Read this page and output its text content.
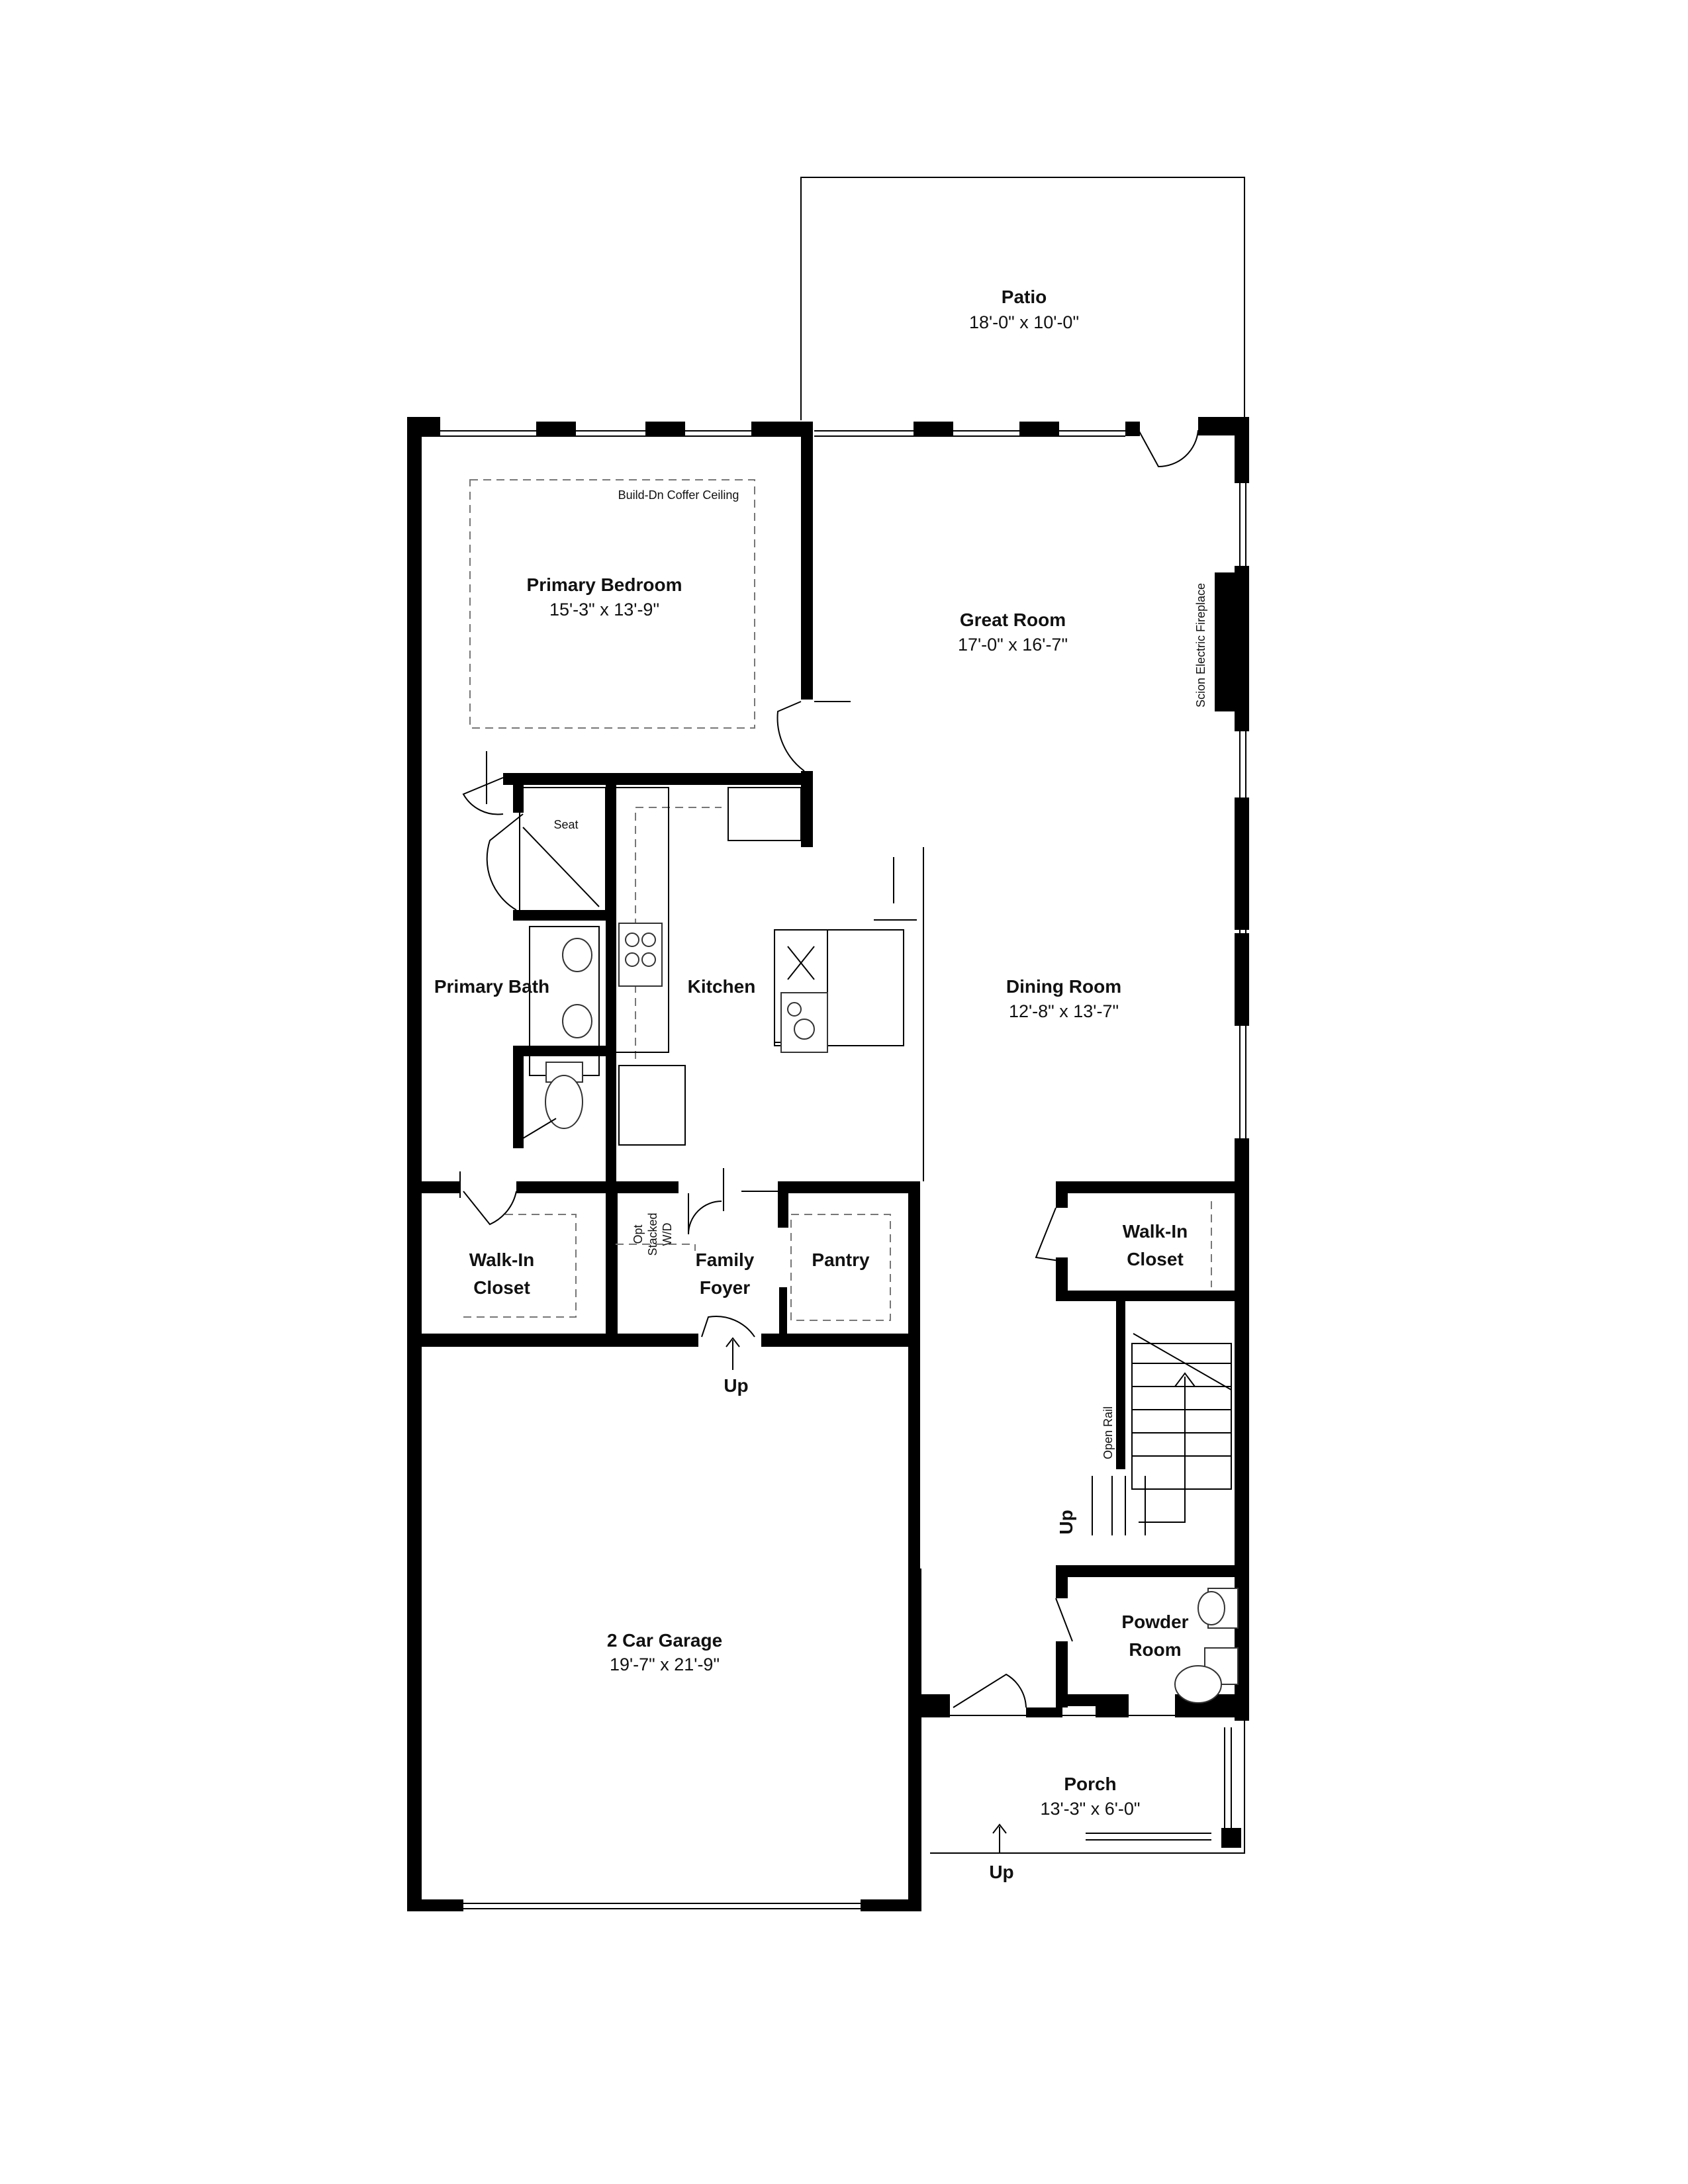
Patio
18'-0" x 10'-0"
Build-Dn Coffer Ceiling
Primary Bedroom
15'-3" x 13'-9"	Great Room
17'-0" x 16'-7"	Scion Electric Fireplace
Seat
Primary Bath	Kitchen	Dining Room
12'-8" x 13'-7"
Walk-In
Closet
Opt Stacked W/D
Family
Foyer
Pantry
Walk-In
Closet
Open Rail
Up
Up
2 Car Garage
19'-7" x 21'-9"
Powder
Room
Porch
13'-3" x 6'-0"
Up
